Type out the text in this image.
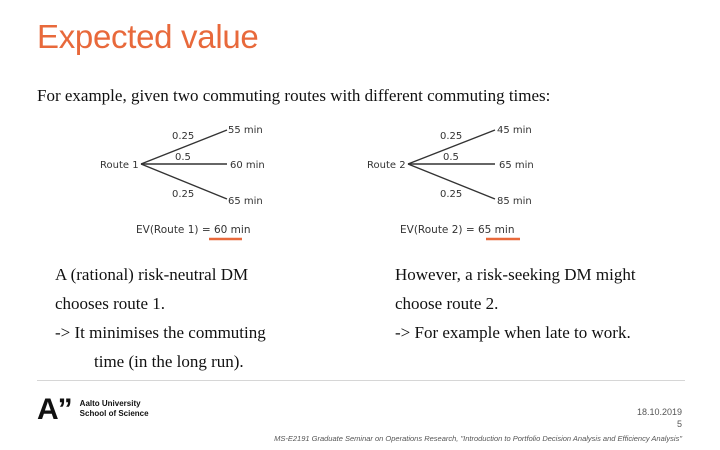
Expected value
For example, given two commuting routes with different commuting times:
Route 1
0.25
0.5
0.25
55 min
60 min
65 min
EV(Route 1) = 60 min
Route 2
0.25
0.5
0.25
45 min
65 min
85 min
EV(Route 2) = 65 min

A (rational) risk-neutral DM

chooses route 1.

-> It minimises the commuting

time (in the long run).

However, a risk-seeking DM might

choose route 2.

-> For example when late to work.

A” Aalto University
School of Science	18.10.2019
5
MS-E2191 Graduate Seminar on Operations Research, "Introduction to Portfolio Decision Analysis and Efficiency Analysis"
